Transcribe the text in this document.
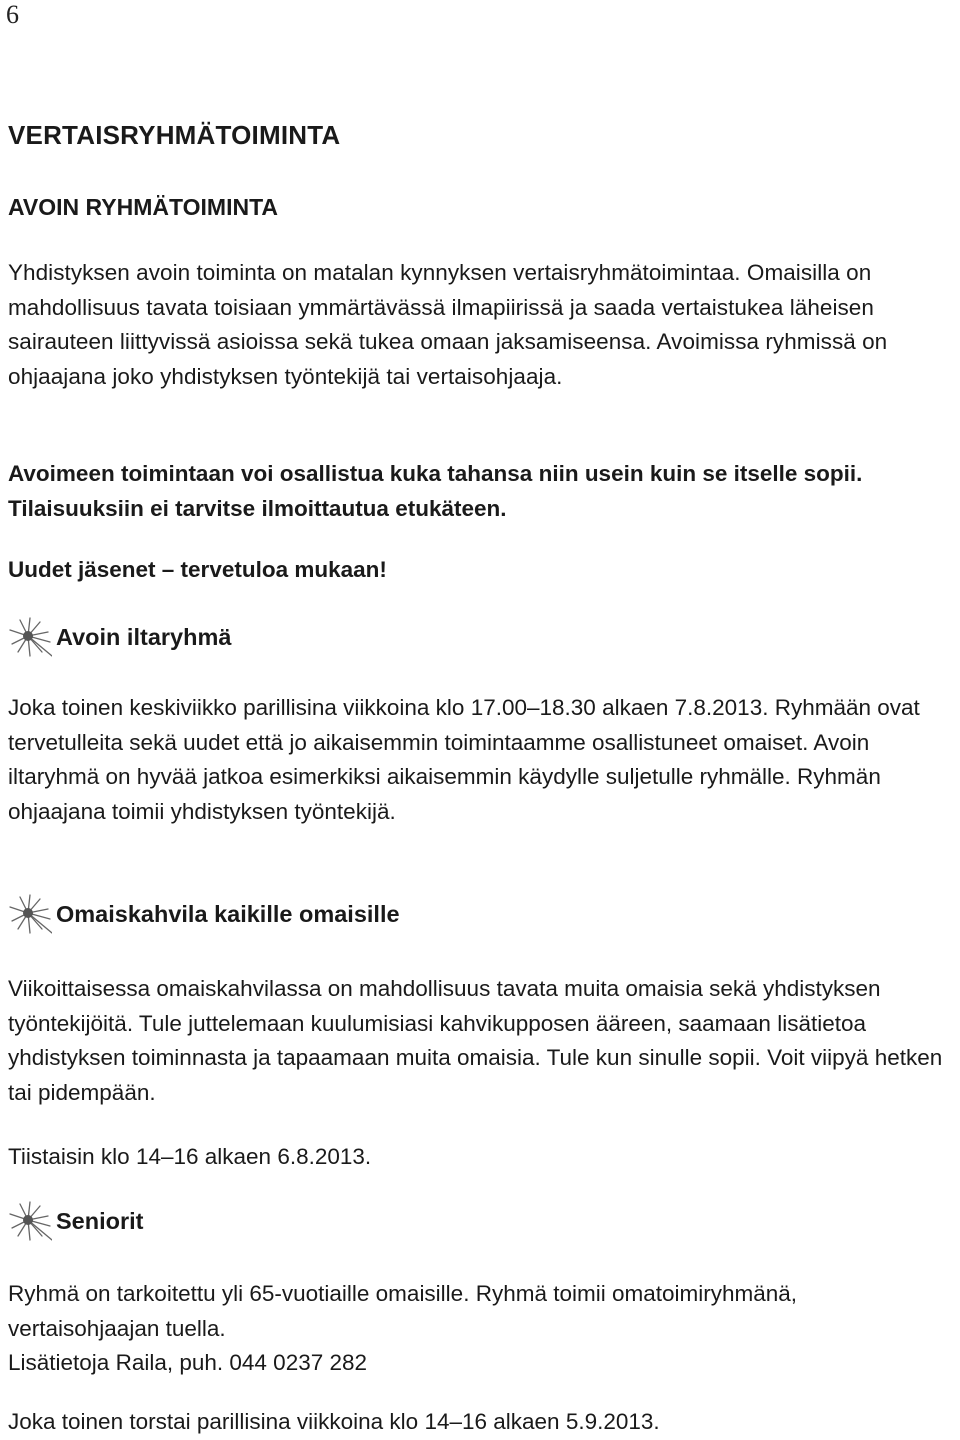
6
VERTAISRYHMÄTOIMINTA
AVOIN RYHMÄTOIMINTA

Yhdistyksen avoin toiminta on matalan kynnyksen vertaisryhmätoimintaa. Omaisilla on mahdollisuus tavata toisiaan ymmärtävässä ilmapiirissä ja saada vertaistukea läheisen sairauteen liittyvissä asioissa sekä tukea omaan jaksamiseensa. Avoimissa ryhmissä on ohjaajana joko yhdistyksen työntekijä tai vertaisohjaaja.

Avoimeen toimintaan voi osallistua kuka tahansa niin usein kuin se itselle sopii. Tilaisuuksiin ei tarvitse ilmoittautua etukäteen.

Uudet jäsenet – tervetuloa mukaan!

Avoin iltaryhmä

Joka toinen keskiviikko parillisina viikkoina klo 17.00–18.30 alkaen 7.8.2013. Ryhmään ovat tervetulleita sekä uudet että jo aikaisemmin toimintaamme osallistuneet omaiset. Avoin iltaryhmä on hyvää jatkoa esimerkiksi aikaisemmin käydylle suljetulle ryhmälle. Ryhmän ohjaajana toimii yhdistyksen työntekijä.

Omaiskahvila kaikille omaisille

Viikoittaisessa omaiskahvilassa on mahdollisuus tavata muita omaisia sekä yhdistyksen työntekijöitä. Tule juttelemaan kuulumisiasi kahvikupposen ääreen, saamaan lisätietoa yhdistyksen toiminnasta ja tapaamaan muita omaisia. Tule kun sinulle sopii. Voit viipyä hetken tai pidempään.

Tiistaisin klo 14–16 alkaen 6.8.2013.

Seniorit

Ryhmä on tarkoitettu yli 65-vuotiaille omaisille. Ryhmä toimii omatoimiryhmänä, vertaisohjaajan tuella.
Lisätietoja Raila, puh. 044 0237 282

Joka toinen torstai parillisina viikkoina klo 14–16 alkaen 5.9.2013.
